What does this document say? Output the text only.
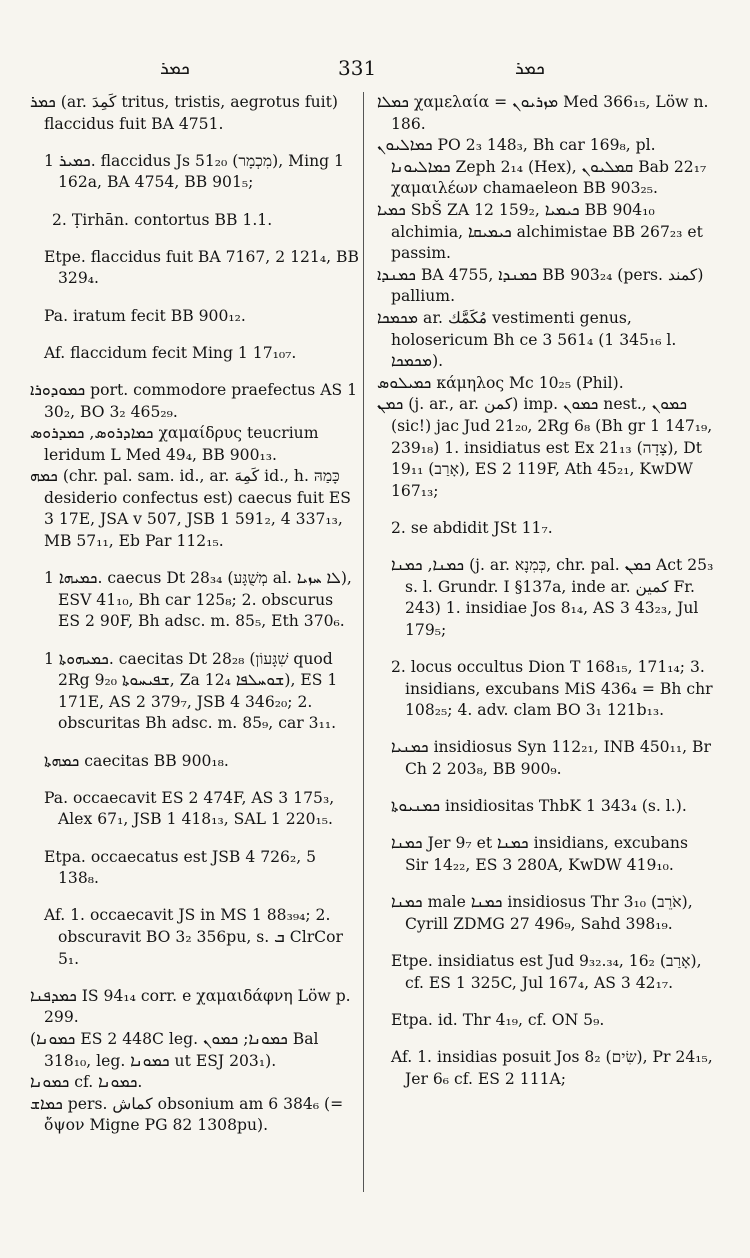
ܟܡܪ	331	ܟܡܪ

ܟܡܪ (ar. كَمِدَ tritus, tristis, aegrotus fuit) flaccidus fuit BA 4751.

ܟܡܝܪ 1. flaccidus Js 51₂₀ (מִכְמָר), Ming 1 162a, BA 4754, BB 901₅;

2. Ṭirhān. contortus BB 1.1.

Etpe. flaccidus fuit BA 7167, 2 121₄, BB 329₄.

Pa. iratum fecit BB 900₁₂.

Af. flaccidum fecit Ming 1 17₁₀₇.

ܟܡܘܕܘܪܐ port. commodore praefectus AS 1 30₂, BO 3₂ 465₂₉.

ܟܡܐܕܪܘܣ, ܟܡܕܪܘܣ χαμαίδρυς teucrium leridum L Med 49₄, BB 900₁₃.

ܟܡܗ (chr. pal. sam. id., ar. كَمِهَ id., h. כָּמַהּ desiderio confectus est) caecus fuit ES 3 17E, JSA v 507, JSB 1 591₂, 4 337₁₃, MB 57₁₁, Eb Par 112₁₅.

ܟܡܝܗܐ 1. caecus Dt 28₃₄ (מְשֻׁגָּע al. ܠܐ ܚܙܝܐ), ESV 41₁₀, Bh car 125₈; 2. obscurus ES 2 90F, Bh adsc. m. 85₅, Eth 370₆.

ܟܡܝܗܘܬܐ 1. caecitas Dt 28₂₈ (שִׁגָּעוֹן quod 2Rg 9₂₀ ܫܦܝܚܘܬܐ, Za 12₄ ܫܘܚܠܦܐ), ES 1 171E, AS 2 379₇, JSB 4 346₂₀; 2. obscuritas Bh adsc. m. 85₉, car 3₁₁.

ܟܡܗܬܐ caecitas BB 900₁₈.

Pa. occaecavit ES 2 474F, AS 3 175₃, Alex 67₁, JSB 1 418₁₃, SAL 1 220₁₅.

Etpa. occaecatus est JSB 4 726₂, 5 138₈.

Af. 1. occaecavit JS in MS 1 88₃₉₄; 2. obscuravit BO 3₂ 356pu, s. ܒ ClrCor 5₁.

ܟܡܕܦܢܐ IS 94₁₄ corr. e χαμαιδάφνη Löw p. 299.

(ܟܡܘܢܐ ES 2 448C leg. ܟܡܘܢܐ; ܟܡܘܢ Bal 318₁₀, leg. ܟܡܘܢܐ ut ESJ 203₁).

ܟܡܘܢܐ cf. ܟܡܘܢܐ.

ܟܡܐܫ pers. كماش obsonium am 6 384₆ (= ὄψον Migne PG 82 1308pu).

ܟܡܠܐ χαμελαία = ܡܙܪܝܘܢ Med 366₁₅, Löw n. 186.

ܟܡܐܠܝܘܢ PO 2₃ 148₃, Bh car 169₈, pl. ܟܡܐܠܝܘܢܐ Zeph 2₁₄ (Hex), ܩܡܠܝܘܢ Bab 22₁₇ χαμαιλέων chamaeleon BB 903₂₅.

ܟܡܝܐ SbŠ ZA 12 159₂, ܟܝܡܝܐ BB 904₁₀ alchimia, ܟܝܡܝܩܐ alchimistae BB 267₂₃ et passim.

ܟܡܢܕܐ BA 4755, ܟܡܢܕܐ BB 903₂₄ (pers. كمند) pallium.

ܡܟܡܟܐ ar. مُكَمَّك vestimenti genus, holosericum Bh ce 3 561₄ (1 345₁₆ l. ܡܟܡܟܐ).

ܟܡܝܠܘܣ κάμηλος Mc 10₂₅ (Phil).

ܟܡܢ (j. ar., ar. كمن) imp. ܟܡܘܢ nest., ܟܡܘܢ (sic!) jac Jud 21₂₀, 2Rg 6₈ (Bh gr 1 147₁₉, 239₁₈) 1. insidiatus est Ex 21₁₃ (צָדָה), Dt 19₁₁ (אָרַב), ES 2 119F, Ath 45₂₁, KwDW 167₁₃;

2. se abdidit JSt 11₇.

ܟܡܢܐ, ܟܡܢܐ (j. ar. כְּמִנָא, chr. pal. ܟܡܢ Act 25₃ s. l. Grundr. I §137a, inde ar. كمين Fr. 243) 1. insidiae Jos 8₁₄, AS 3 43₂₃, Jul 179₅;

2. locus occultus Dion T 168₁₅, 171₁₄; 3. insidians, excubans MiS 436₄ = Bh chr 108₂₅; 4. adv. clam BO 3₁ 121b₁₃.

ܟܡܢܝܐ insidiosus Syn 112₂₁, INB 450₁₁, Br Ch 2 203₈, BB 900₉.

ܟܡܢܝܘܬܐ insidiositas ThbK 1 343₄ (s. l.).

ܟܡܢܐ Jer 9₇ et ܟܡܢܐ insidians, excubans Sir 14₂₂, ES 3 280A, KwDW 419₁₀.

ܟܡܢܐ male ܟܡܢܐ insidiosus Thr 3₁₀ (אֹרֵב), Cyrill ZDMG 27 496₉, Sahd 398₁₉.

Etpe. insidiatus est Jud 9₃₂.₃₄, 16₂ (אָרַב), cf. ES 1 325C, Jul 167₄, AS 3 42₁₇.

Etpa. id. Thr 4₁₉, cf. ON 5₉.

Af. 1. insidias posuit Jos 8₂ (שִׂים), Pr 24₁₅, Jer 6₆ cf. ES 2 111A;
